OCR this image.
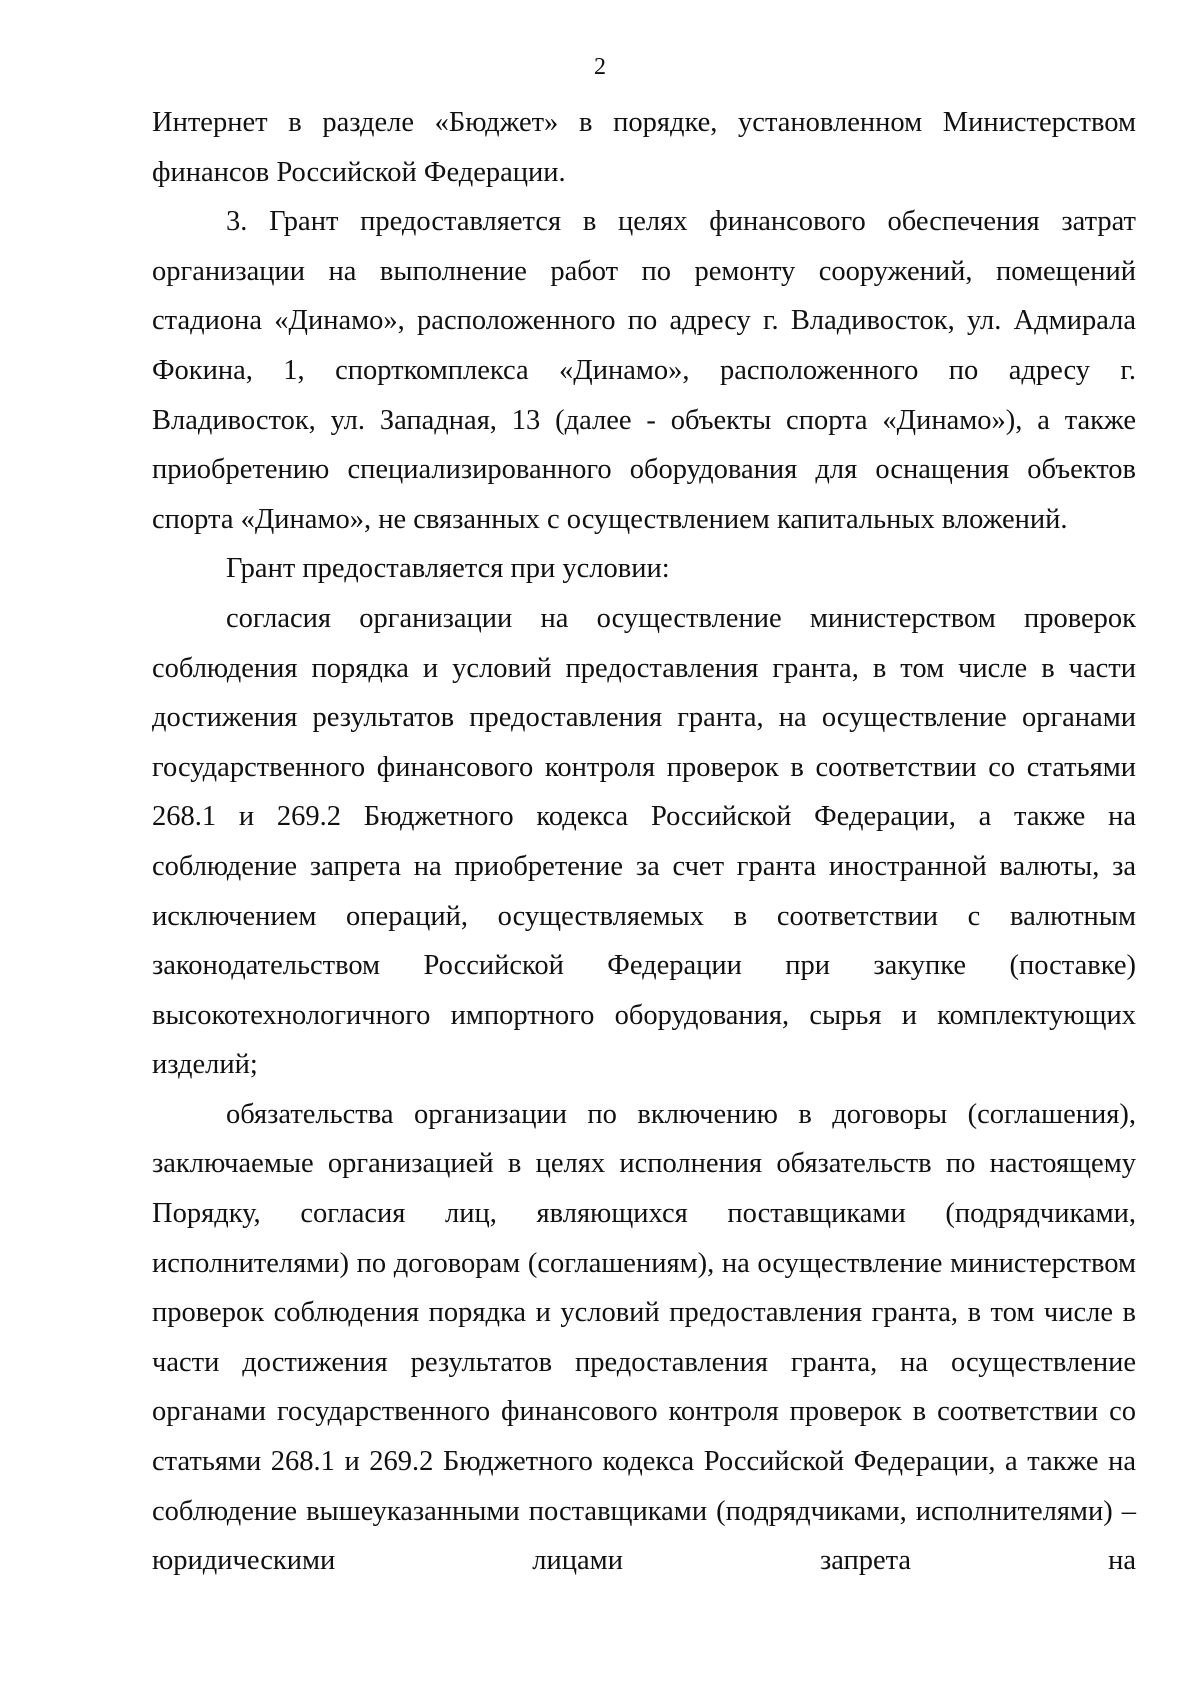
2

Интернет в разделе «Бюджет» в порядке, установленном Министерством финансов Российской Федерации.

3. Грант предоставляется в целях финансового обеспечения затрат организации на выполнение работ по ремонту сооружений, помещений стадиона «Динамо», расположенного по адресу г. Владивосток, ул. Адмирала Фокина, 1, спорткомплекса «Динамо», расположенного по адресу г. Владивосток, ул. Западная, 13 (далее - объекты спорта «Динамо»), а также приобретению специализированного оборудования для оснащения объектов спорта «Динамо», не связанных с осуществлением капитальных вложений.

Грант предоставляется при условии:

согласия организации на осуществление министерством проверок соблюдения порядка и условий предоставления гранта, в том числе в части достижения результатов предоставления гранта, на осуществление органами государственного финансового контроля проверок в соответствии со статьями 268.1 и 269.2 Бюджетного кодекса Российской Федерации, а также на соблюдение запрета на приобретение за счет гранта иностранной валюты, за исключением операций, осуществляемых в соответствии с валютным законодательством Российской Федерации при закупке (поставке) высокотехнологичного импортного оборудования, сырья и комплектующих изделий;

обязательства организации по включению в договоры (соглашения), заключаемые организацией в целях исполнения обязательств по настоящему Порядку, согласия лиц, являющихся поставщиками (подрядчиками, исполнителями) по договорам (соглашениям), на осуществление министерством проверок соблюдения порядка и условий предоставления гранта, в том числе в части достижения результатов предоставления гранта, на осуществление органами государственного финансового контроля проверок в соответствии со статьями 268.1 и 269.2 Бюджетного кодекса Российской Федерации, а также на соблюдение вышеуказанными поставщиками (подрядчиками, исполнителями) – юридическими лицами запрета на
